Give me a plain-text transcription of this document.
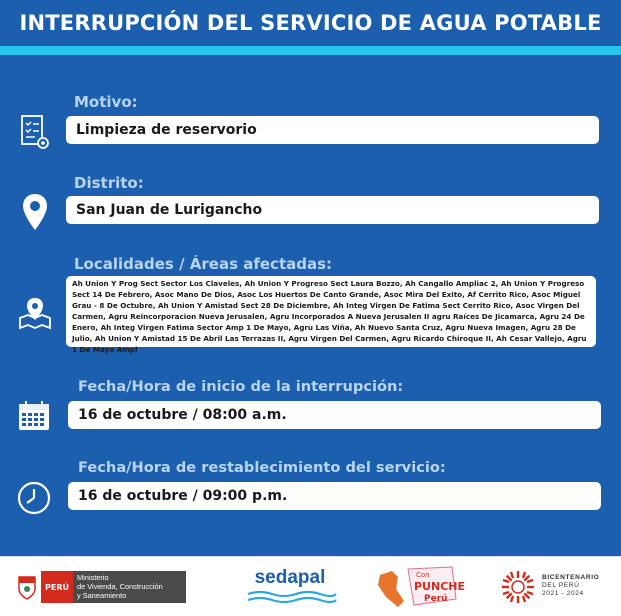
INTERRUPCIÓN DEL SERVICIO DE AGUA POTABLE
Motivo:
Limpieza de reservorio
Distrito:
San Juan de Lurigancho
Localidades / Áreas afectadas:
Ah Union Y Prog Sect Sector Los Claveles, Ah Union Y Progreso Sect Laura Bozzo, Ah Cangallo Ampliac 2, Ah Union Y Progreso Sect 14 De Febrero, Asoc Mano De Dios, Asoc Los Huertos De Canto Grande, Asoc Mira Del Exito, Af Cerrito Rico, Asoc Miguel Grau - 8 De Octubre, Ah Union Y Amistad Sect 28 De Diciembre, Ah Integ Virgen De Fatima Sect Cerrito Rico, Asoc Virgen Del Carmen, Agru Reincorporacion Nueva Jerusalen, Agru Incorporados A Nueva Jerusalen II agru Raíces De Jicamarca, Agru 24 De Enero, Ah Integ Virgen Fatima Sector Amp 1 De Mayo, Agru Las Viña, Ah Nuevo Santa Cruz, Agru Nueva Imagen, Agru 28 De Julio, Ah Union Y Amistad 15 De Abril Las Terrazas II, Agru Virgen Del Carmen, Agru Ricardo Chiroque II, Ah Cesar Vallejo, Agru 1 De Mayo Ampl
Fecha/Hora de inicio de la interrupción:
16 de octubre / 08:00 a.m.
Fecha/Hora de restablecimiento del servicio:
16 de octubre / 09:00 p.m.
PERÚ
Ministerio
de Vivienda, Construcción
y Saneamiento
sedapal	Con
PUNCHE
Perú
BICENTENARIO
DEL PERÚ
2021 - 2024
